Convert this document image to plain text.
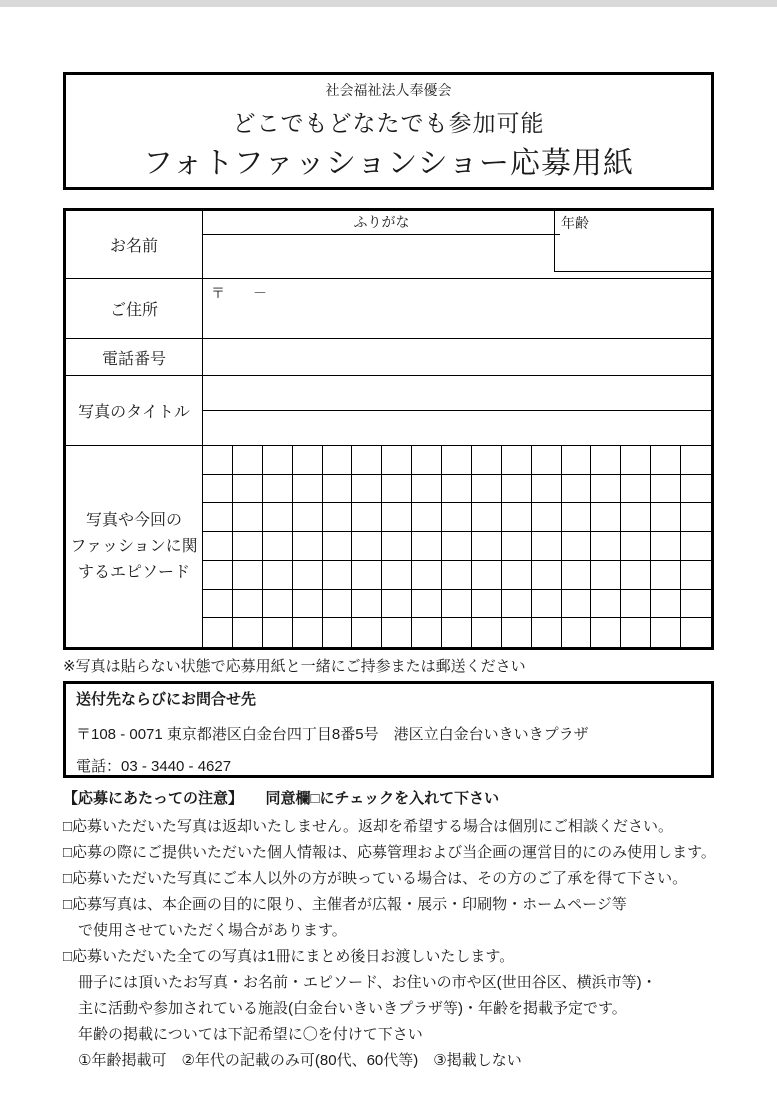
社会福祉法人奉優会
どこでもどなたでも参加可能
フォトファッションショー応募用紙
お名前
ふりがな	年齢
ご住所
〒　　－
電話番号
写真のタイトル
写真や今回の
ファッションに関
するエピソード
※写真は貼らない状態で応募用紙と一緒にご持参または郵送ください
送付先ならびにお問合せ先
〒108 - 0071 東京都港区白金台四丁目8番5号　港区立白金台いきいきプラザ
電話：03 - 3440 - 4627
【応募にあたっての注意】　　同意欄□にチェックを入れて下さい
□応募いただいた写真は返却いたしません。返却を希望する場合は個別にご相談ください。
□応募の際にご提供いただいた個人情報は、応募管理および当企画の運営目的にのみ使用します。
□応募いただいた写真にご本人以外の方が映っている場合は、その方のご了承を得て下さい。
□応募写真は、本企画の目的に限り、主催者が広報・展示・印刷物・ホームページ等
　で使用させていただく場合があります。
□応募いただいた全ての写真は1冊にまとめ後日お渡しいたします。
　冊子には頂いたお写真・お名前・エピソード、お住いの市や区(世田谷区、横浜市等)・
　主に活動や参加されている施設(白金台いきいきプラザ等)・年齢を掲載予定です。
　年齢の掲載については下記希望に〇を付けて下さい
　①年齢掲載可　②年代の記載のみ可(80代、60代等)　③掲載しない
